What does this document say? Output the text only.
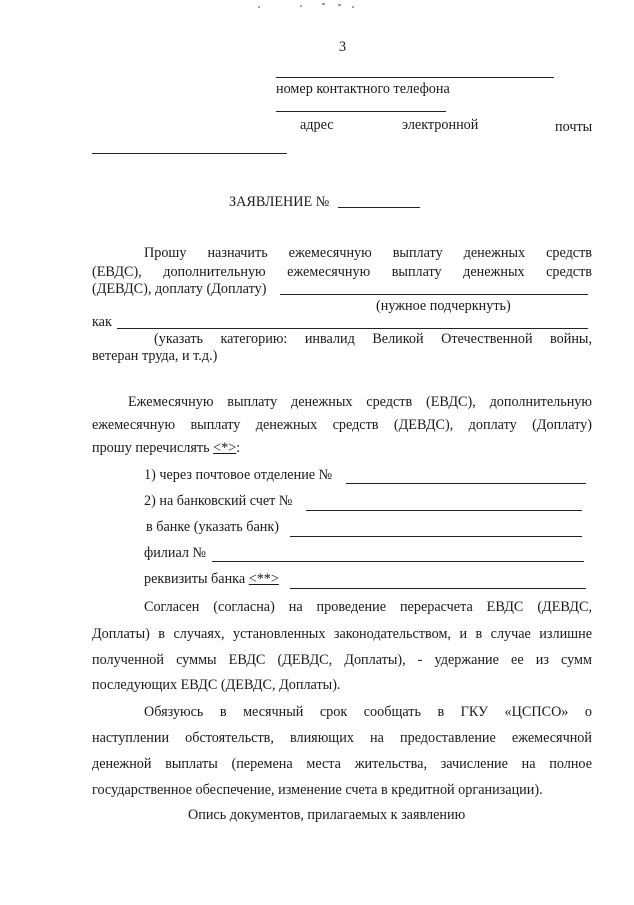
3
номер контактного телефона
адрес	электронной	почты
ЗАЯВЛЕНИЕ №
Прошу назначить ежемесячную выплату денежных средств
(ЕВДС), дополнительную ежемесячную выплату денежных средств
(ДЕВДС), доплату (Доплату)
(нужное подчеркнуть)
как
(указать категорию: инвалид Великой Отечественной войны,
ветеран труда, и т.д.)
Ежемесячную выплату денежных средств (ЕВДС), дополнительную
ежемесячную выплату денежных средств (ДЕВДС), доплату (Доплату)
прошу перечислять <*>:
1) через почтовое отделение №
2) на банковский счет №
в банке (указать банк)
филиал №
реквизиты банка <**>
Согласен (согласна) на проведение перерасчета ЕВДС (ДЕВДС,
Доплаты) в случаях, установленных законодательством, и в случае излишне
полученной суммы ЕВДС (ДЕВДС, Доплаты), - удержание ее из сумм
последующих ЕВДС (ДЕВДС, Доплаты).
Обязуюсь в месячный срок сообщать в ГКУ «ЦСПСО» о
наступлении обстоятельств, влияющих на предоставление ежемесячной
денежной выплаты (перемена места жительства, зачисление на полное
государственное обеспечение, изменение счета в кредитной организации).
Опись документов, прилагаемых к заявлению
